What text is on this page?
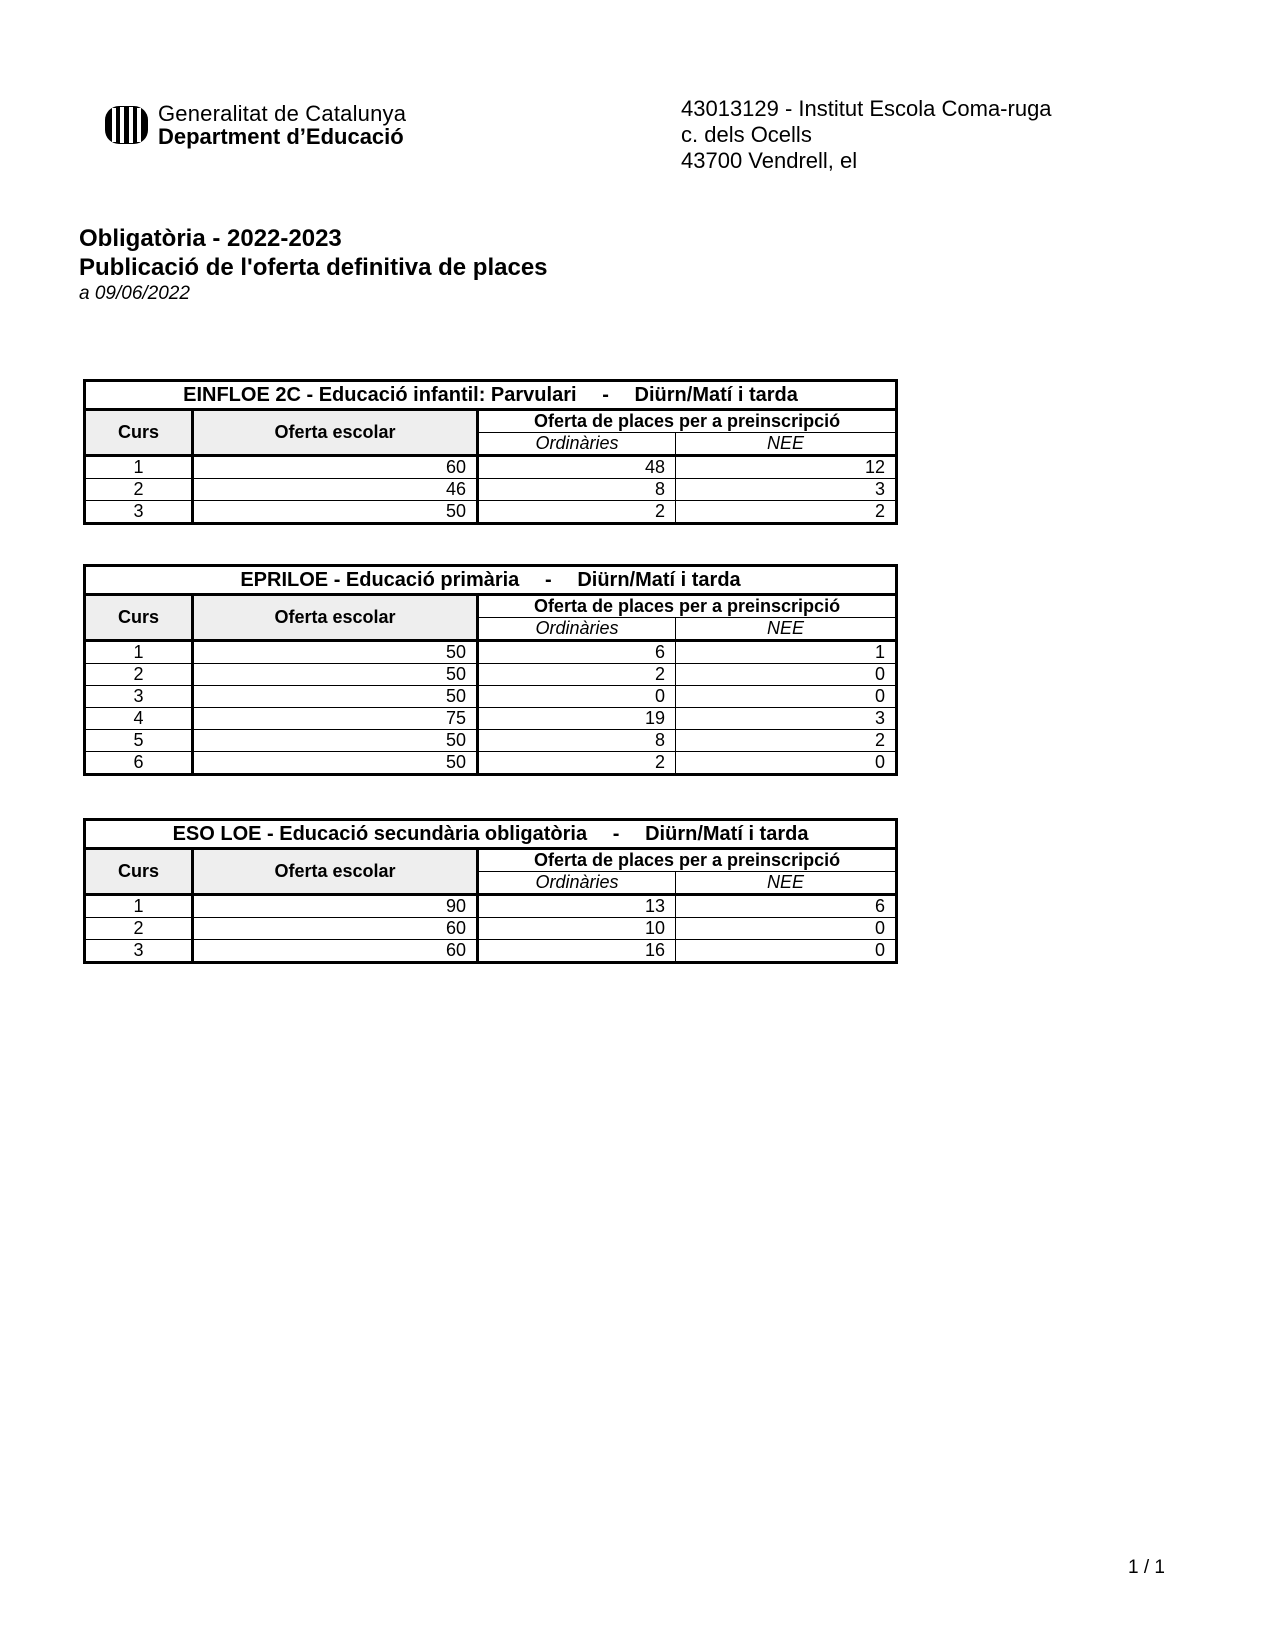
Generalitat de Catalunya
Department d’Educació
43013129 - Institut Escola Coma-ruga
c. dels Ocells
43700 Vendrell, el
Obligatòria - 2022-2023
Publicació de l'oferta definitiva de places
a 09/06/2022
EINFLOE 2C - Educació infantil: Parvulari - Diürn/Matí i tarda			
Curs	Oferta escolar	Oferta de places per a preinscripció	
		Ordinàries	NEE
1	60	48	12
2	46	8	3
3	50	2	2
EPRILOE - Educació primària - Diürn/Matí i tarda			
Curs	Oferta escolar	Oferta de places per a preinscripció	
		Ordinàries	NEE
1	50	6	1
2	50	2	0
3	50	0	0
4	75	19	3
5	50	8	2
6	50	2	0
ESO LOE - Educació secundària obligatòria - Diürn/Matí i tarda			
Curs	Oferta escolar	Oferta de places per a preinscripció	
		Ordinàries	NEE
1	90	13	6
2	60	10	0
3	60	16	0
1 / 1
